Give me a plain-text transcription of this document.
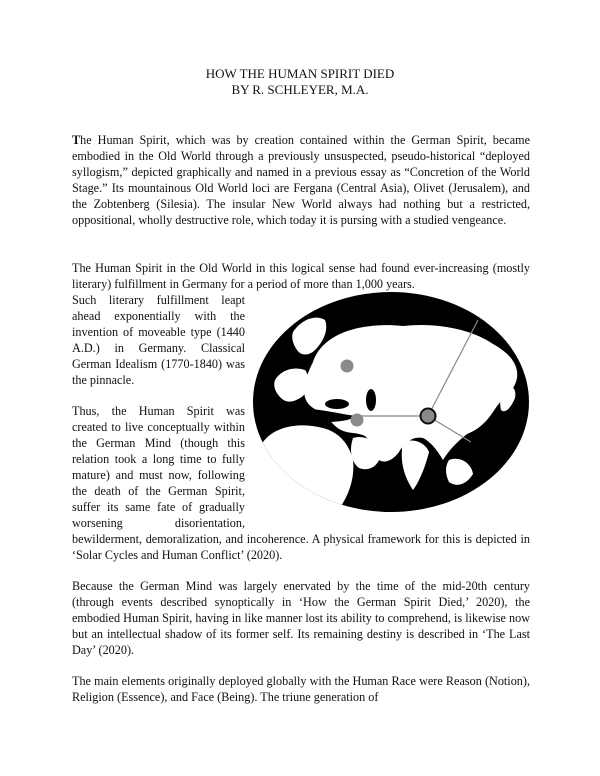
HOW THE HUMAN SPIRIT DIED
BY R. SCHLEYER, M.A.

The Human Spirit, which was by creation contained within the German Spirit, became embodied in the Old World through a previously unsuspected, pseudo-historical “deployed syllogism,” depicted graphically and named in a previous essay as “Concretion of the World Stage.” Its mountainous Old World loci are Fergana (Central Asia), Olivet (Jerusalem), and the Zobtenberg (Silesia). The insular New World always had nothing but a restricted, oppositional, wholly destructive role, which today it is pursing with a studied vengeance.

The Human Spirit in the Old World in this logical sense had found ever-increasing (mostly literary) fulfillment in Germany for a period of more than 1,000 years.

Such literary fulfillment leapt ahead exponentially with the invention of moveable type (1440 A.D.) in Germany. Classical German Idealism (1770-1840) was the pinnacle.

Thus, the Human Spirit was created to live conceptually within the German Mind (though this relation took a long time to fully mature) and must now, following the death of the German Spirit, suffer its same fate of gradually worsening disorientation, bewilderment, demoralization, and incoherence. A physical framework for this is depicted in ‘Solar Cycles and Human Conflict’ (2020).

Because the German Mind was largely enervated by the time of the mid-20th century (through events described synoptically in ‘How the German Spirit Died,’ 2020), the embodied Human Spirit, having in like manner lost its ability to comprehend, is likewise now but an intellectual shadow of its former self. Its remaining destiny is described in ‘The Last Day’ (2020).

The main elements originally deployed globally with the Human Race were Reason (Notion), Religion (Essence), and Face (Being). The triune generation of
